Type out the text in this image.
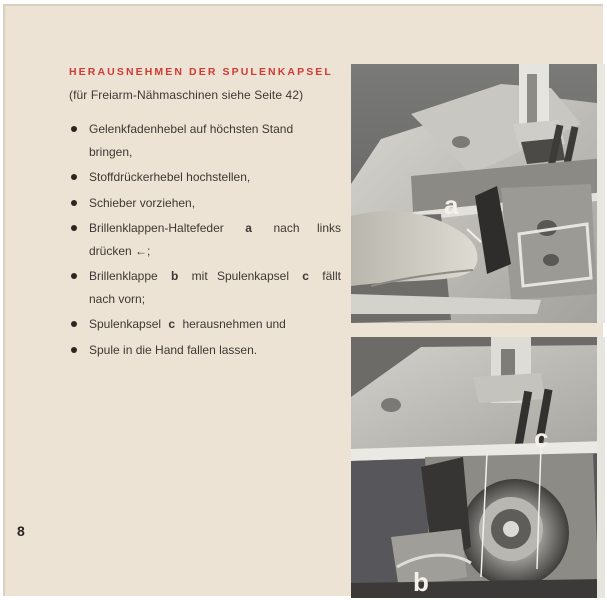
HERAUSNEHMEN DER SPULENKAPSEL

(für Freiarm-Nähmaschinen siehe Seite 42)

Gelenkfadenhebel auf höchsten Stand
bringen,
Stoffdrückerhebel hochstellen,
Schieber vorziehen,
Brillenklappen-Haltefeder a nach links
drücken ←;
Brillenklappe b mit Spulenkapsel c fällt
nach vorn;
Spulenkapsel c herausnehmen und
Spule in die Hand fallen lassen.
8
a
c
b
